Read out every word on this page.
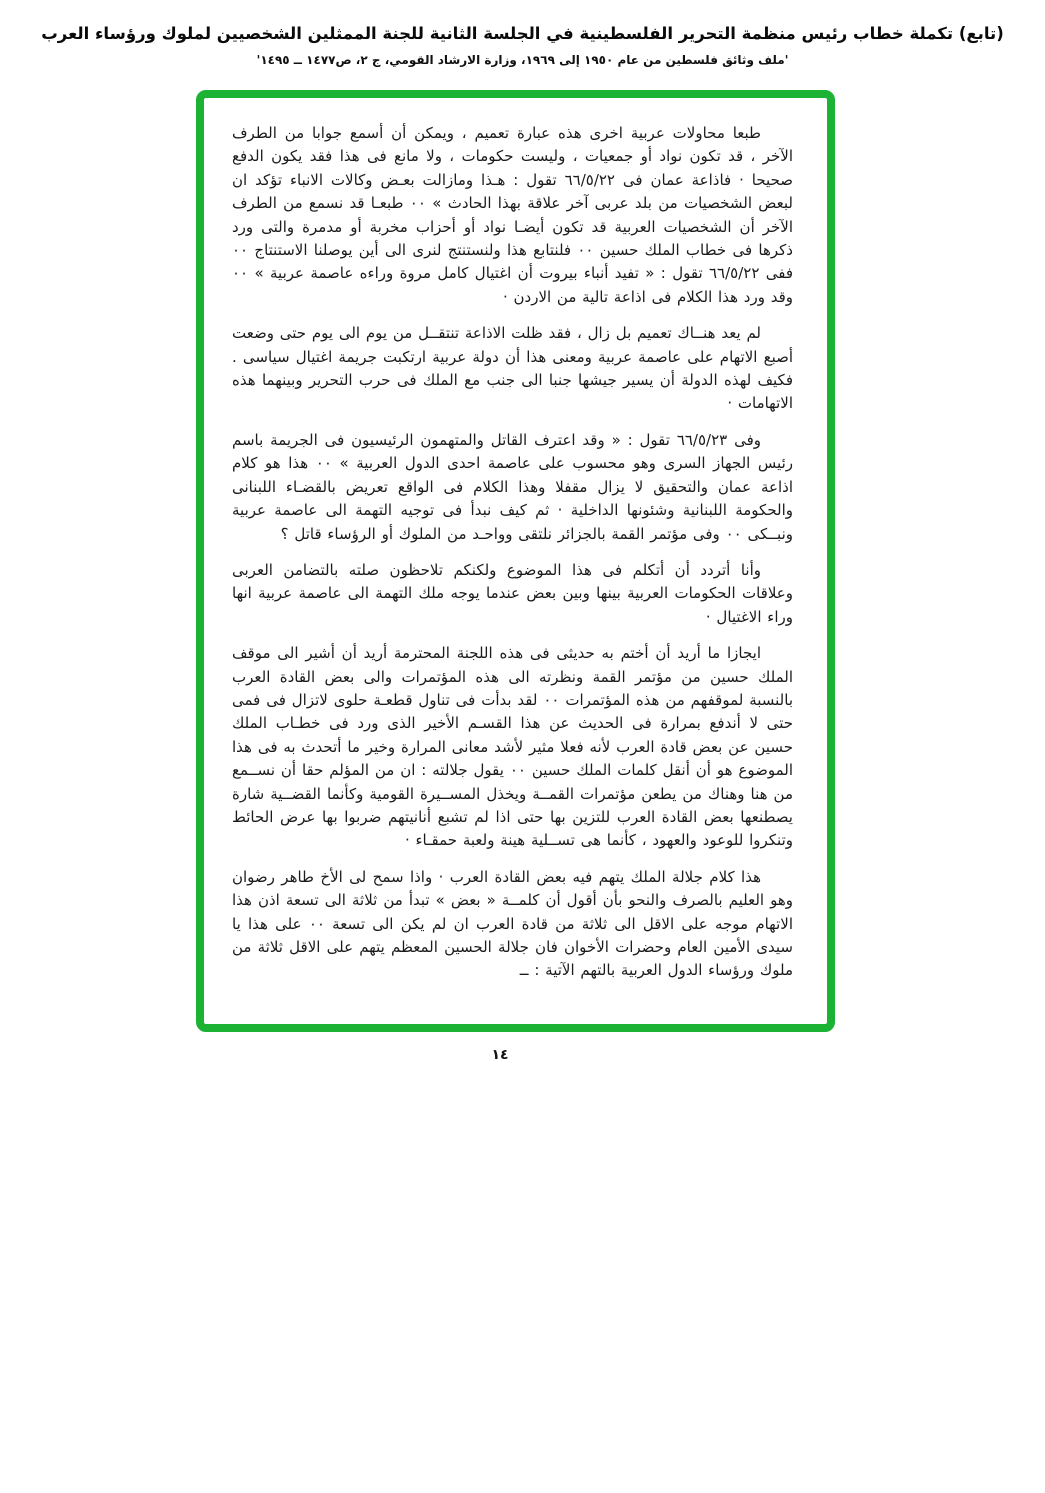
(تابع) تكملة خطاب رئيس منظمة التحرير الفلسطينية في الجلسة الثانية للجنة الممثلين الشخصيين لملوك ورؤساء العرب
'ملف وثائق فلسطين من عام ١٩٥٠ إلى ١٩٦٩، وزارة الارشاد القومي، ج ٢، ص١٤٧٧ ــ ١٤٩٥'

طبعا محاولات عربية اخرى هذه عبارة تعميم ، ويمكن أن أسمع جوابا من الطرف الآخر ، قد تكون نواد أو جمعيات ، وليست حكومات ، ولا مانع فى هذا فقد يكون الدفع صحيحا · فاذاعة عمان فى ٦٦/٥/٢٢ تقول : هـذا ومازالت بعـض وكالات الانباء تؤكد ان لبعض الشخصيات من بلد عربى آخر علاقة بهذا الحادث » ٠٠ طبعـا قد نسمع من الطرف الآخر أن الشخصيات العربية قد تكون أيضـا نواد أو أحزاب مخربة أو مدمرة والتى ورد ذكرها فى خطاب الملك حسين ٠٠ فلنتابع هذا ولنستنتج لنرى الى أين يوصلنا الاستنتاج ٠٠ ففى ٦٦/٥/٢٢ تقول : « تفيد أنباء بيروت أن اغتيال كامل مروة وراءه عاصمة عربية » ٠٠ وقد ورد هذا الكلام فى اذاعة تالية من الاردن ·

لم يعد هنــاك تعميم بل زال ، فقد ظلت الاذاعة تنتقــل من يوم الى يوم حتى وضعت أصبع الاتهام على عاصمة عربية ومعنى هذا أن دولة عربية ارتكبت جريمة اغتيال سياسى . فكيف لهذه الدولة أن يسير جيشها جنبا الى جنب مع الملك فى حرب التحرير وبينهما هذه الاتهامات ·

وفى ٦٦/٥/٢٣ تقول : « وقد اعترف القاتل والمتهمون الرئيسيون فى الجريمة باسم رئيس الجهاز السرى وهو محسوب على عاصمة احدى الدول العربية » ٠٠ هذا هو كلام اذاعة عمان والتحقيق لا يزال مقفلا وهذا الكلام فى الواقع تعريض بالقضـاء اللبنانى والحكومة اللبنانية وشئونها الداخلية · ثم كيف نبدأ فى توجيه التهمة الى عاصمة عربية ونبــكى ٠٠ وفى مؤتمر القمة بالجزائر نلتقى وواحـد من الملوك أو الرؤساء قاتل ؟

وأنا أتردد أن أتكلم فى هذا الموضوع ولكنكم تلاحظون صلته بالتضامن العربى وعلاقات الحكومات العربية بينها وبين بعض عندما يوجه ملك التهمة الى عاصمة عربية انها وراء الاغتيال ·

ايجازا ما أريد أن أختم به حديثى فى هذه اللجنة المحترمة أريد أن أشير الى موقف الملك حسين من مؤتمر القمة ونظرته الى هذه المؤتمرات والى بعض القادة العرب بالنسبة لموقفهم من هذه المؤتمرات ٠٠ لقد بدأت فى تناول قطعـة حلوى لاتزال فى فمى حتى لا أندفع بمرارة فى الحديث عن هذا القسـم الأخير الذى ورد فى خطـاب الملك حسين عن بعض قادة العرب لأنه فعلا مثير لأشد معانى المرارة وخير ما أتحدث به فى هذا الموضوع هو أن أنقل كلمات الملك حسين ٠٠ يقول جلالته : ان من المؤلم حقا أن نســمع من هنا وهناك من يطعن مؤتمرات القمــة ويخذل المســيرة القومية وكأنما القضــية شارة يصطنعها بعض القادة العرب للتزين بها حتى اذا لم تشبع أنانيتهم ضربوا بها عرض الحائط وتنكروا للوعود والعهود ، كأنما هى تســلية هينة ولعبة حمقـاء ·

هذا كلام جلالة الملك يتهم فيه بعض القادة العرب · واذا سمح لى الأخ طاهر رضوان وهو العليم بالصرف والنحو بأن أقول أن كلمــة « بعض » تبدأ من ثلاثة الى تسعة اذن هذا الاتهام موجه على الاقل الى ثلاثة من قادة العرب ان لم يكن الى تسعة ٠٠ على هذا يا سيدى الأمين العام وحضرات الأخوان فان جلالة الحسين المعظم يتهم على الاقل ثلاثة من ملوك ورؤساء الدول العربية بالتهم الآتية : ــ

١٤
